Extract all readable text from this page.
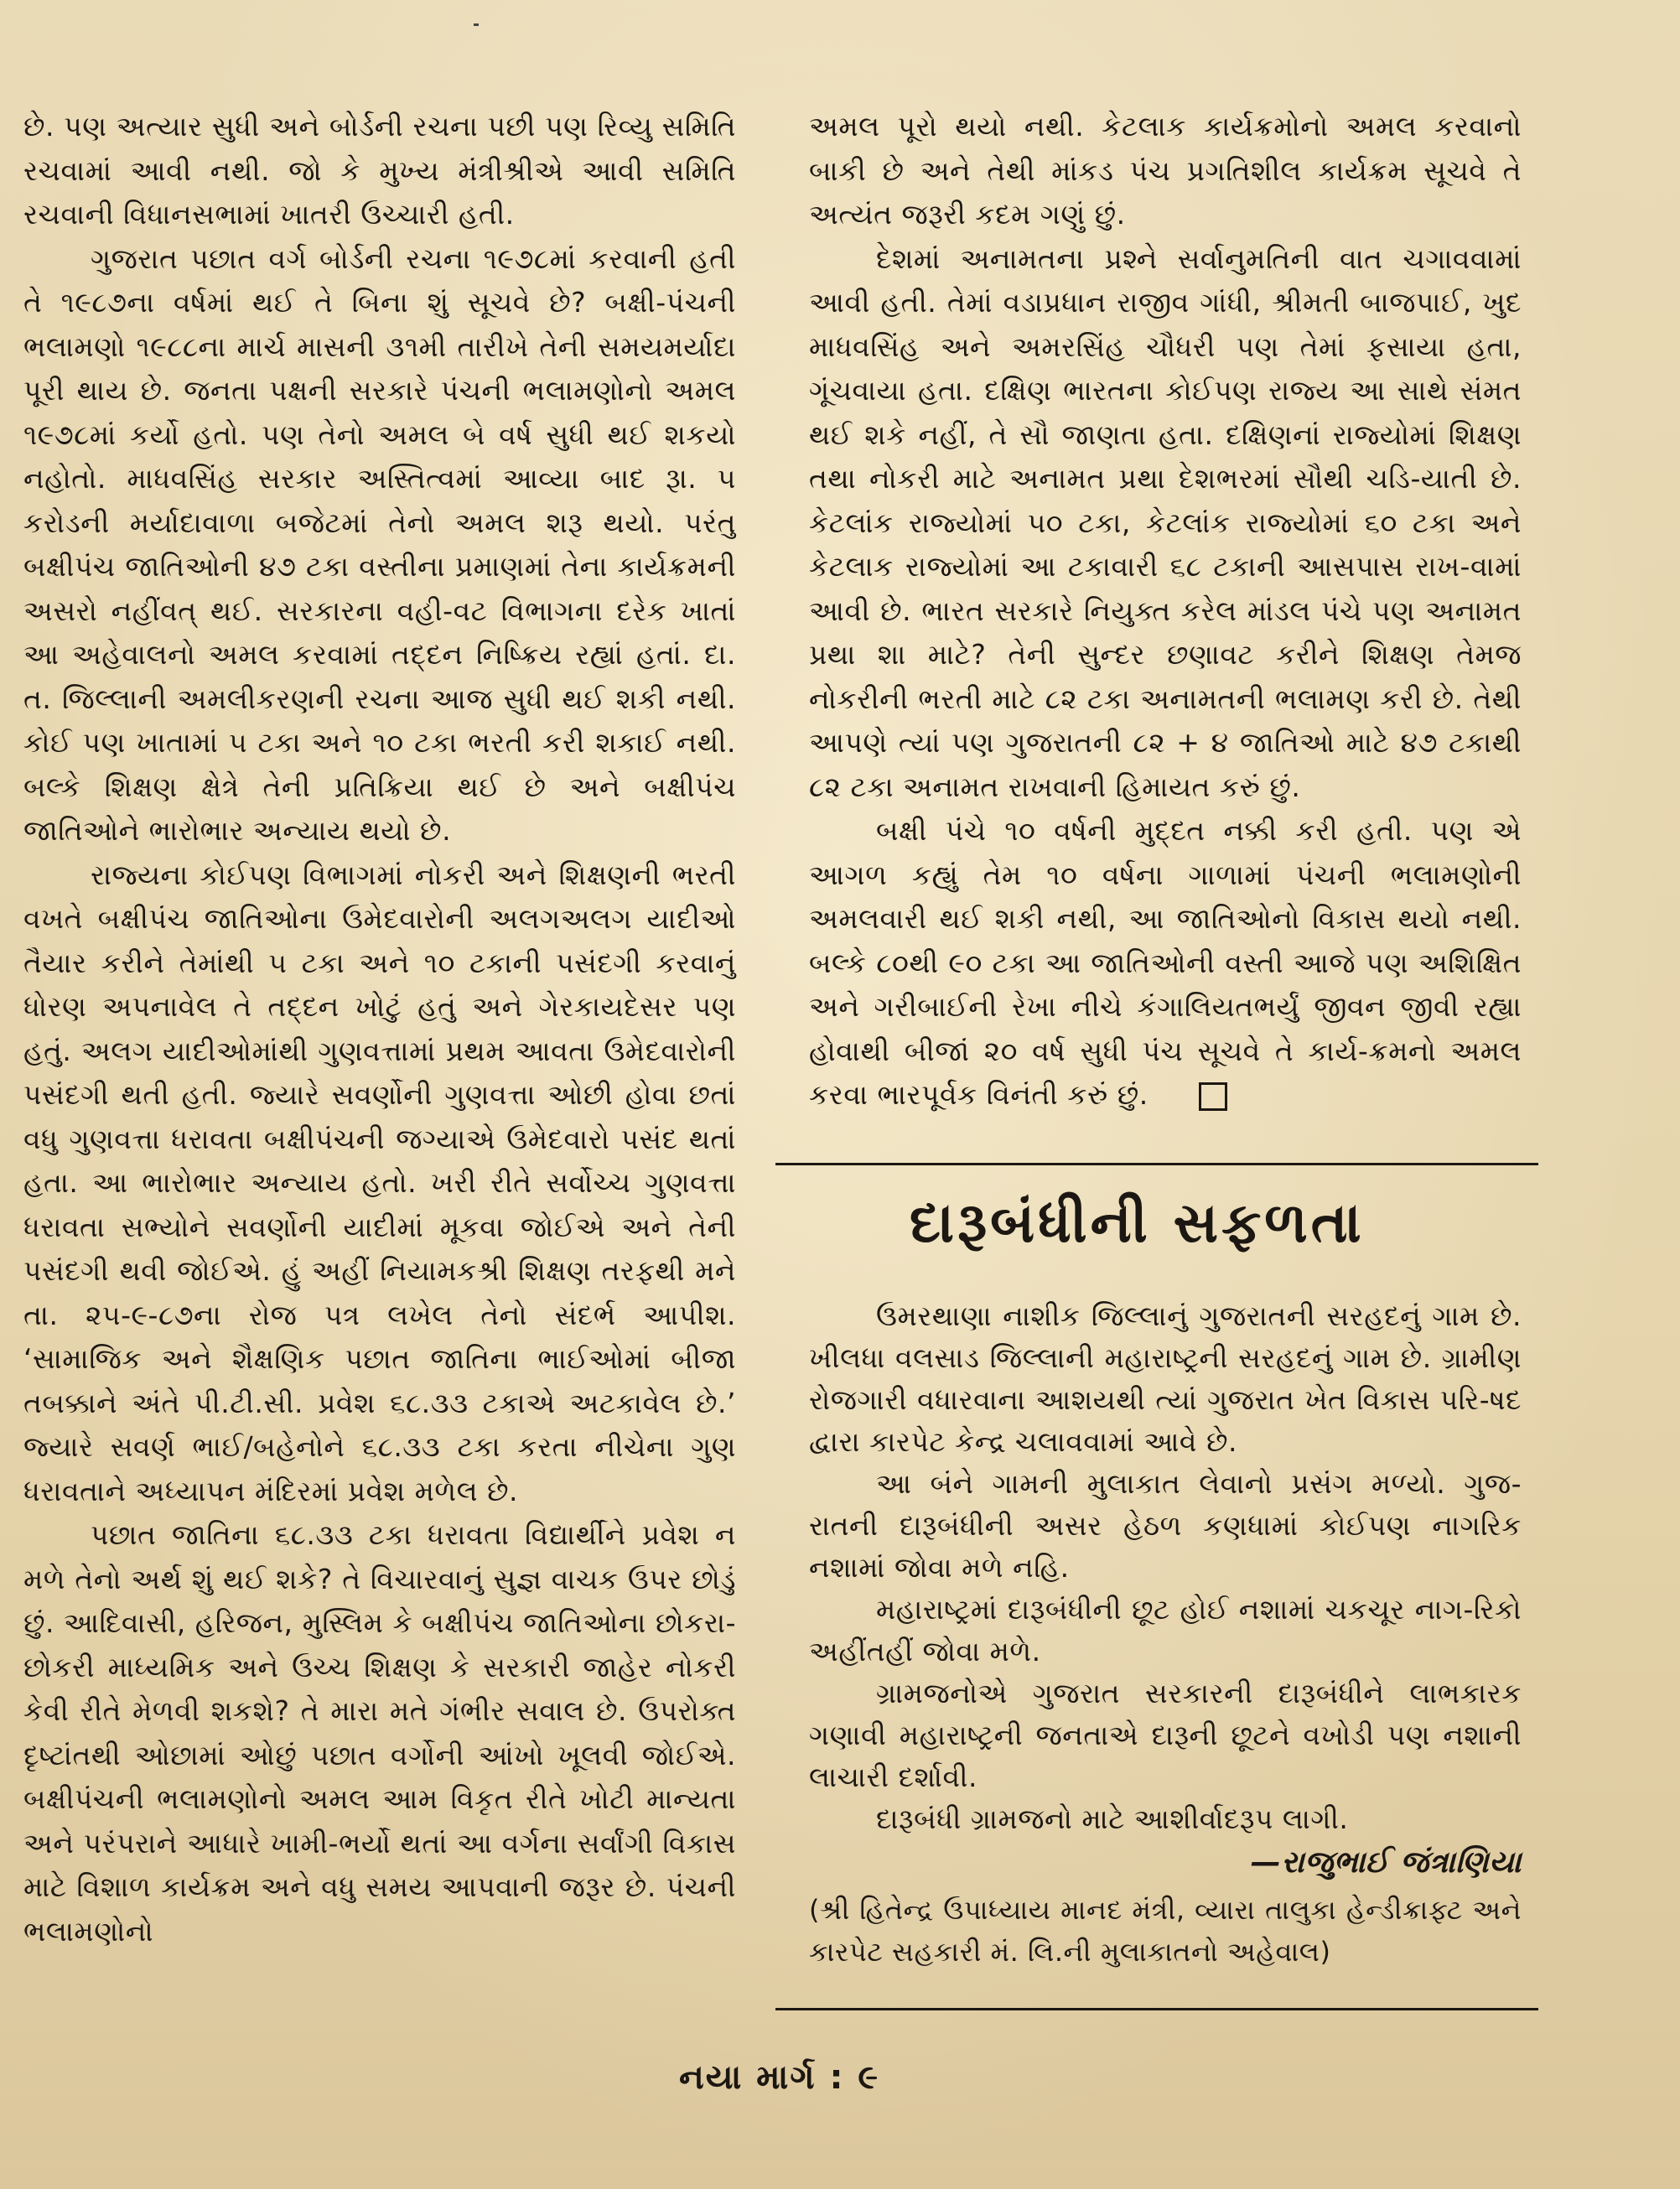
છે. પણ અત્યાર સુધી અને બોર્ડની રચના પછી પણ રિવ્યુ સમિતિ રચવામાં આવી નથી. જો કે મુખ્ય મંત્રીશ્રીએ આવી સમિતિ રચવાની વિધાનસભામાં ખાતરી ઉચ્ચારી હતી.

ગુજરાત પછાત વર્ગ બોર્ડની રચના ૧૯૭૮માં કરવાની હતી તે ૧૯૮૭ના વર્ષમાં થઈ તે બિના શું સૂચવે છે? બક્ષી-પંચની ભલામણો ૧૯૮૮ના માર્ચ માસની ૩૧મી તારીખે તેની સમયમર્યાદા પૂરી થાય છે. જનતા પક્ષની સરકારે પંચની ભલામણોનો અમલ ૧૯૭૮માં કર્યો હતો. પણ તેનો અમલ બે વર્ષ સુધી થઈ શકયો નહોતો. માધવસિંહ સરકાર અસ્તિત્વમાં આવ્યા બાદ રૂા. ૫ કરોડની મર્યાદાવાળા બજેટમાં તેનો અમલ શરૂ થયો. પરંતુ બક્ષીપંચ જાતિઓની ૪૭ ટકા વસ્તીના પ્રમાણમાં તેના કાર્યક્રમની અસરો નહીંવત્ થઈ. સરકારના વહી-વટ વિભાગના દરેક ખાતાં આ અહેવાલનો અમલ કરવામાં તદ્દન નિષ્ક્રિય રહ્યાં હતાં. દા. ત. જિલ્લાની અમલીકરણની રચના આજ સુધી થઈ શકી નથી. કોઈ પણ ખાતામાં ૫ ટકા અને ૧૦ ટકા ભરતી કરી શકાઈ નથી. બલ્કે શિક્ષણ ક્ષેત્રે તેની પ્રતિક્રિયા થઈ છે અને બક્ષીપંચ જાતિઓને ભારોભાર અન્યાય થયો છે.

રાજ્યના કોઈપણ વિભાગમાં નોકરી અને શિક્ષણની ભરતી વખતે બક્ષીપંચ જાતિઓના ઉમેદવારોની અલગઅલગ યાદીઓ તૈયાર કરીને તેમાંથી ૫ ટકા અને ૧૦ ટકાની પસંદગી કરવાનું ધોરણ અપનાવેલ તે તદ્દન ખોટું હતું અને ગેરકાયદેસર પણ હતું. અલગ યાદીઓમાંથી ગુણવત્તામાં પ્રથમ આવતા ઉમેદવારોની પસંદગી થતી હતી. જ્યારે સવર્ણોની ગુણવત્તા ઓછી હોવા છતાં વધુ ગુણવત્તા ધરાવતા બક્ષીપંચની જગ્યાએ ઉમેદવારો પસંદ થતાં હતા. આ ભારોભાર અન્યાય હતો. ખરી રીતે સર્વોચ્ચ ગુણવત્તા ધરાવતા સભ્યોને સવર્ણોની યાદીમાં મૂકવા જોઈએ અને તેની પસંદગી થવી જોઈએ. હું અહીં નિયામકશ્રી શિક્ષણ તરફથી મને તા. ૨૫-૯-૮૭ના રોજ પત્ર લખેલ તેનો સંદર્ભ આપીશ. ‘સામાજિક અને શૈક્ષણિક પછાત જાતિના ભાઈઓમાં બીજા તબક્કાને અંતે પી.ટી.સી. પ્રવેશ ૬૮.૩૩ ટકાએ અટકાવેલ છે.’ જ્યારે સવર્ણ ભાઈ/બહેનોને ૬૮.૩૩ ટકા કરતા નીચેના ગુણ ધરાવતાને અધ્યાપન મંદિરમાં પ્રવેશ મળેલ છે.

પછાત જાતિના ૬૮.૩૩ ટકા ધરાવતા વિદ્યાર્થીને પ્રવેશ ન મળે તેનો અર્થ શું થઈ શકે? તે વિચારવાનું સુજ્ઞ વાચક ઉપર છોડું છું. આદિવાસી, હરિજન, મુસ્લિમ કે બક્ષીપંચ જાતિઓના છોકરા-છોકરી માધ્યમિક અને ઉચ્ચ શિક્ષણ કે સરકારી જાહેર નોકરી કેવી રીતે મેળવી શકશે? તે મારા મતે ગંભીર સવાલ છે. ઉપરોક્ત દૃષ્ટાંતથી ઓછામાં ઓછું પછાત વર્ગોની આંખો ખૂલવી જોઈએ. બક્ષીપંચની ભલામણોનો અમલ આમ વિકૃત રીતે ખોટી માન્યતા અને પરંપરાને આધારે ખામી-ભર્યો થતાં આ વર્ગના સર્વાંગી વિકાસ માટે વિશાળ કાર્યક્રમ અને વધુ સમય આપવાની જરૂર છે. પંચની ભલામણોનો

અમલ પૂરો થયો નથી. કેટલાક કાર્યક્રમોનો અમલ કરવાનો બાકી છે અને તેથી માંકડ પંચ પ્રગતિશીલ કાર્યક્રમ સૂચવે તે અત્યંત જરૂરી કદમ ગણું છું.

દેશમાં અનામતના પ્રશ્ને સર્વાનુમતિની વાત ચગાવવામાં આવી હતી. તેમાં વડાપ્રધાન રાજીવ ગાંધી, શ્રીમતી બાજપાઈ, ખુદ માધવસિંહ અને અમરસિંહ ચૌધરી પણ તેમાં ફસાયા હતા, ગૂંચવાયા હતા. દક્ષિણ ભારતના કોઈપણ રાજ્ય આ સાથે સંમત થઈ શકે નહીં, તે સૌ જાણતા હતા. દક્ષિણનાં રાજ્યોમાં શિક્ષણ તથા નોકરી માટે અનામત પ્રથા દેશભરમાં સૌથી ચડિ-યાતી છે. કેટલાંક રાજ્યોમાં ૫૦ ટકા, કેટલાંક રાજ્યોમાં ૬૦ ટકા અને કેટલાક રાજ્યોમાં આ ટકાવારી ૬૮ ટકાની આસપાસ રાખ-વામાં આવી છે. ભારત સરકારે નિયુક્ત કરેલ માંડલ પંચે પણ અનામત પ્રથા શા માટે? તેની સુન્દર છણાવટ કરીને શિક્ષણ તેમજ નોકરીની ભરતી માટે ૮૨ ટકા અનામતની ભલામણ કરી છે. તેથી આપણે ત્યાં પણ ગુજરાતની ૮૨ + ૪ જાતિઓ માટે ૪૭ ટકાથી ૮૨ ટકા અનામત રાખવાની હિમાયત કરું છું.

બક્ષી પંચે ૧૦ વર્ષની મુદ્દત નક્કી કરી હતી. પણ એ આગળ કહ્યું તેમ ૧૦ વર્ષના ગાળામાં પંચની ભલામણોની અમલવારી થઈ શકી નથી, આ જાતિઓનો વિકાસ થયો નથી. બલ્કે ૮૦થી ૯૦ ટકા આ જાતિઓની વસ્તી આજે પણ અશિક્ષિત અને ગરીબાઈની રેખા નીચે કંગાલિયતભર્યું જીવન જીવી રહ્યા હોવાથી બીજાં ૨૦ વર્ષ સુધી પંચ સૂચવે તે કાર્ય-ક્રમનો અમલ કરવા ભારપૂર્વક વિનંતી કરું છું.

દારૂબંધીની સફળતા

ઉમરથાણા નાશીક જિલ્લાનું ગુજરાતની સરહદનું ગામ છે. ખીલધા વલસાડ જિલ્લાની મહારાષ્ટ્રની સરહદનું ગામ છે. ગ્રામીણ રોજગારી વધારવાના આશયથી ત્યાં ગુજરાત ખેત વિકાસ પરિ-ષદ દ્વારા કારપેટ કેન્દ્ર ચલાવવામાં આવે છે.

આ બંને ગામની મુલાકાત લેવાનો પ્રસંગ મળ્યો. ગુજ-રાતની દારૂબંધીની અસર હેઠળ કણધામાં કોઈપણ નાગરિક નશામાં જોવા મળે નહિ.

મહારાષ્ટ્રમાં દારૂબંધીની છૂટ હોઈ નશામાં ચકચૂર નાગ-રિકો અહીંતહીં જોવા મળે.

ગ્રામજનોએ ગુજરાત સરકારની દારૂબંધીને લાભકારક ગણાવી મહારાષ્ટ્રની જનતાએ દારૂની છૂટને વખોડી પણ નશાની લાચારી દર્શાવી.

દારૂબંધી ગ્રામજનો માટે આશીર્વાદરૂપ લાગી.

—રાજુભાઈ જંત્રાણિયા
(શ્રી હિતેન્દ્ર ઉપાધ્યાય માનદ મંત્રી, વ્યારા તાલુકા હેન્ડીક્રાફ્ટ અને કારપેટ સહકારી મં. લિ.ની મુલાકાતનો અહેવાલ)
નયા માર્ગ : ૯
